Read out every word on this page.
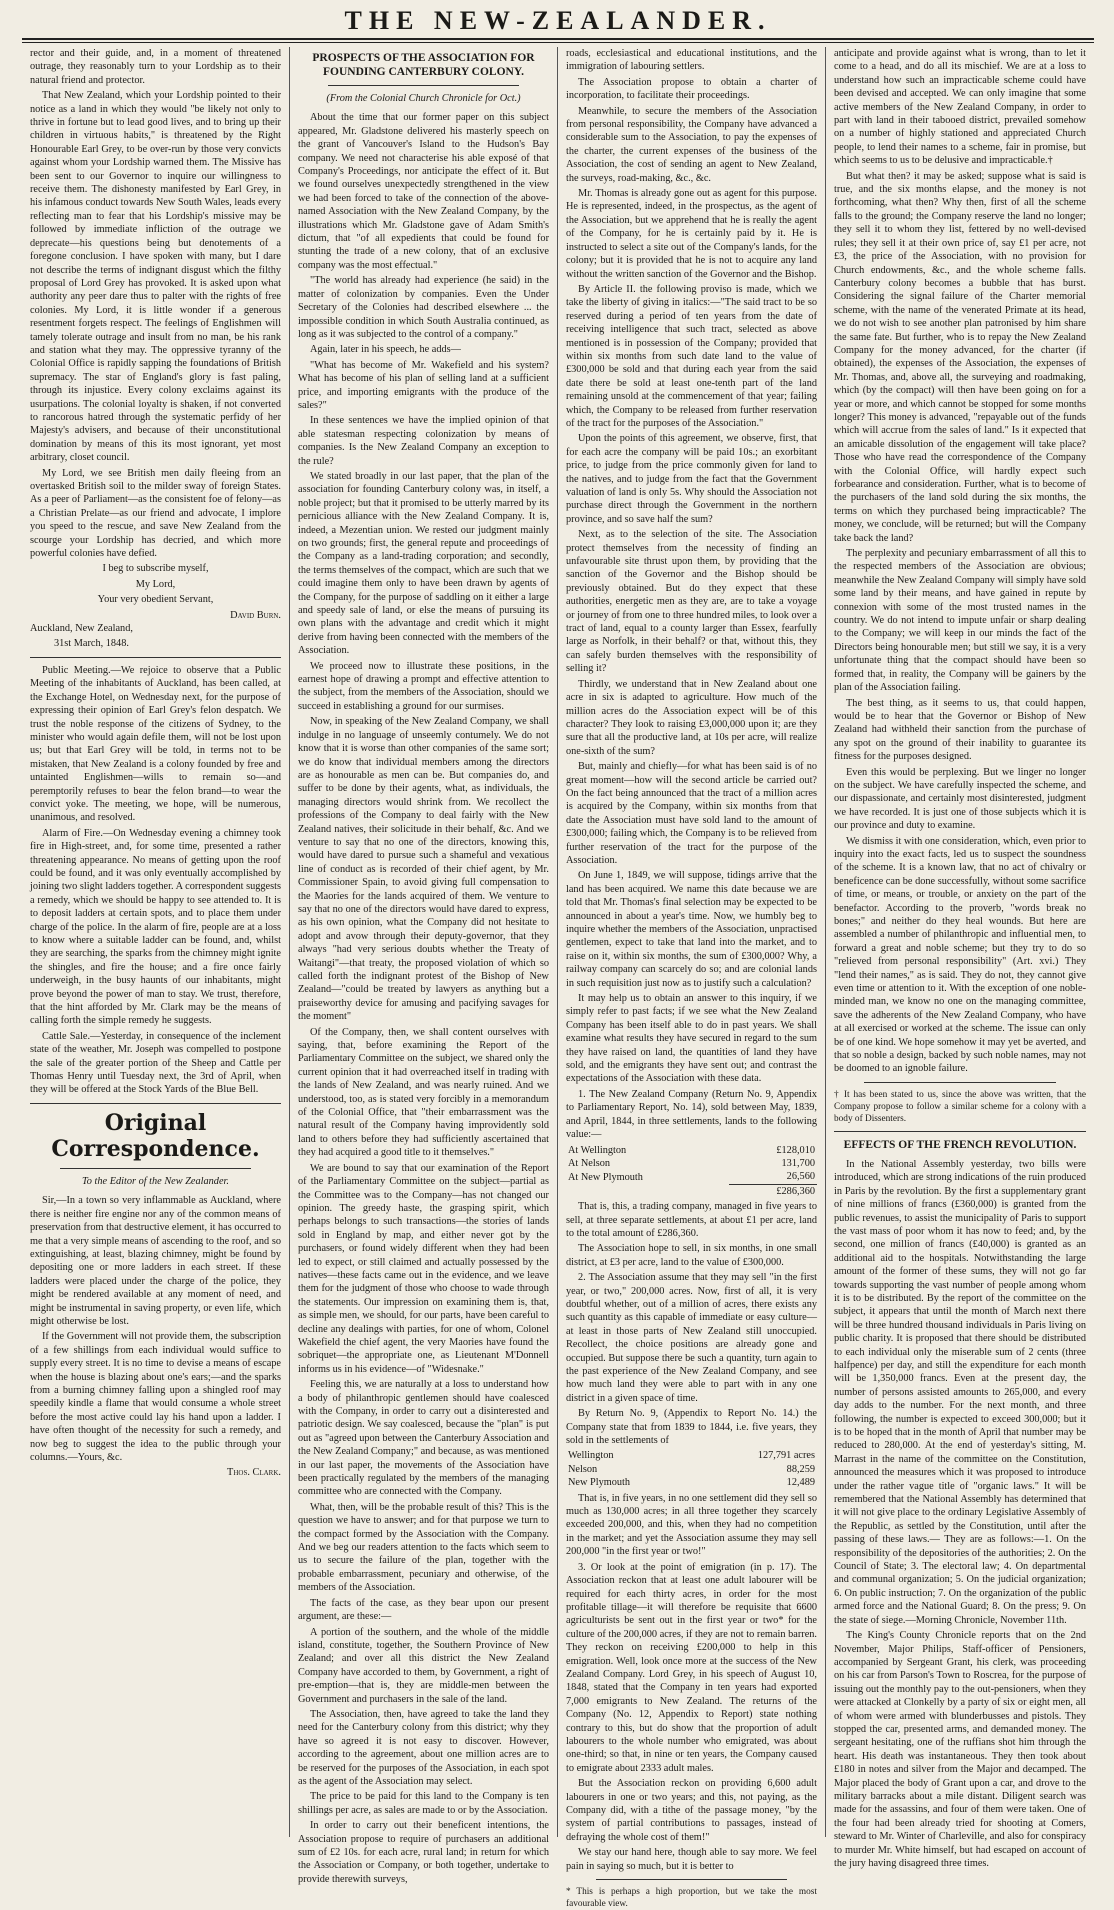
THE NEW-ZEALANDER.

rector and their guide, and, in a moment of threatened outrage, they reasonably turn to your Lordship as to their natural friend and protector.

That New Zealand, which your Lordship pointed to their notice as a land in which they would "be likely not only to thrive in fortune but to lead good lives, and to bring up their children in virtuous habits," is threatened by the Right Honourable Earl Grey, to be over-run by those very convicts against whom your Lordship warned them. The Missive has been sent to our Governor to inquire our willingness to receive them. The dishonesty manifested by Earl Grey, in his infamous conduct towards New South Wales, leads every reflecting man to fear that his Lordship's missive may be followed by immediate infliction of the outrage we deprecate—his questions being but denotements of a foregone conclusion. I have spoken with many, but I dare not describe the terms of indignant disgust which the filthy proposal of Lord Grey has provoked. It is asked upon what authority any peer dare thus to palter with the rights of free colonies. My Lord, it is little wonder if a generous resentment forgets respect. The feelings of Englishmen will tamely tolerate outrage and insult from no man, be his rank and station what they may. The oppressive tyranny of the Colonial Office is rapidly sapping the foundations of British supremacy. The star of England's glory is fast paling, through its injustice. Every colony exclaims against its usurpations. The colonial loyalty is shaken, if not converted to rancorous hatred through the systematic perfidy of her Majesty's advisers, and because of their unconstitutional domination by means of this its most ignorant, yet most arbitrary, closet council.

My Lord, we see British men daily fleeing from an overtasked British soil to the milder sway of foreign States. As a peer of Parliament—as the consistent foe of felony—as a Christian Prelate—as our friend and advocate, I implore you speed to the rescue, and save New Zealand from the scourge your Lordship has decried, and which more powerful colonies have defied.

I beg to subscribe myself,

My Lord,

Your very obedient Servant,

David Burn.

Auckland, New Zealand,

31st March, 1848.

Public Meeting.—We rejoice to observe that a Public Meeting of the inhabitants of Auckland, has been called, at the Exchange Hotel, on Wednesday next, for the purpose of expressing their opinion of Earl Grey's felon despatch. We trust the noble response of the citizens of Sydney, to the minister who would again defile them, will not be lost upon us; but that Earl Grey will be told, in terms not to be mistaken, that New Zealand is a colony founded by free and untainted Englishmen—wills to remain so—and peremptorily refuses to bear the felon brand—to wear the convict yoke. The meeting, we hope, will be numerous, unanimous, and resolved.

Alarm of Fire.—On Wednesday evening a chimney took fire in High-street, and, for some time, presented a rather threatening appearance. No means of getting upon the roof could be found, and it was only eventually accomplished by joining two slight ladders together. A correspondent suggests a remedy, which we should be happy to see attended to. It is to deposit ladders at certain spots, and to place them under charge of the police. In the alarm of fire, people are at a loss to know where a suitable ladder can be found, and, whilst they are searching, the sparks from the chimney might ignite the shingles, and fire the house; and a fire once fairly underweigh, in the busy haunts of our inhabitants, might prove beyond the power of man to stay. We trust, therefore, that the hint afforded by Mr. Clark may be the means of calling forth the simple remedy he suggests.

Cattle Sale.—Yesterday, in consequence of the inclement state of the weather, Mr. Joseph was compelled to postpone the sale of the greater portion of the Sheep and Cattle per Thomas Henry until Tuesday next, the 3rd of April, when they will be offered at the Stock Yards of the Blue Bell.

Original Correspondence.

To the Editor of the New Zealander.

Sir,—In a town so very inflammable as Auckland, where there is neither fire engine nor any of the common means of preservation from that destructive element, it has occurred to me that a very simple means of ascending to the roof, and so extinguishing, at least, blazing chimney, might be found by depositing one or more ladders in each street. If these ladders were placed under the charge of the police, they might be rendered available at any moment of need, and might be instrumental in saving property, or even life, which might otherwise be lost.

If the Government will not provide them, the subscription of a few shillings from each individual would suffice to supply every street. It is no time to devise a means of escape when the house is blazing about one's ears;—and the sparks from a burning chimney falling upon a shingled roof may speedily kindle a flame that would consume a whole street before the most active could lay his hand upon a ladder. I have often thought of the necessity for such a remedy, and now beg to suggest the idea to the public through your columns.—Yours, &c.

Thos. Clark.

PROSPECTS OF THE ASSOCIATION FOR FOUNDING CANTERBURY COLONY.

(From the Colonial Church Chronicle for Oct.)

About the time that our former paper on this subject appeared, Mr. Gladstone delivered his masterly speech on the grant of Vancouver's Island to the Hudson's Bay company. We need not characterise his able exposé of that Company's Proceedings, nor anticipate the effect of it. But we found ourselves unexpectedly strengthened in the view we had been forced to take of the connection of the above-named Association with the New Zealand Company, by the illustrations which Mr. Gladstone gave of Adam Smith's dictum, that "of all expedients that could be found for stunting the trade of a new colony, that of an exclusive company was the most effectual."

"The world has already had experience (he said) in the matter of colonization by companies. Even the Under Secretary of the Colonies had described elsewhere ... the impossible condition in which South Australia continued, as long as it was subjected to the control of a company."

Again, later in his speech, he adds—

"What has become of Mr. Wakefield and his system? What has become of his plan of selling land at a sufficient price, and importing emigrants with the produce of the sales?"

In these sentences we have the implied opinion of that able statesman respecting colonization by means of companies. Is the New Zealand Company an exception to the rule?

We stated broadly in our last paper, that the plan of the association for founding Canterbury colony was, in itself, a noble project; but that it promised to be utterly marred by its pernicious alliance with the New Zealand Company. It is, indeed, a Mezentian union. We rested our judgment mainly on two grounds; first, the general repute and proceedings of the Company as a land-trading corporation; and secondly, the terms themselves of the compact, which are such that we could imagine them only to have been drawn by agents of the Company, for the purpose of saddling on it either a large and speedy sale of land, or else the means of pursuing its own plans with the advantage and credit which it might derive from having been connected with the members of the Association.

We proceed now to illustrate these positions, in the earnest hope of drawing a prompt and effective attention to the subject, from the members of the Association, should we succeed in establishing a ground for our surmises.

Now, in speaking of the New Zealand Company, we shall indulge in no language of unseemly contumely. We do not know that it is worse than other companies of the same sort; we do know that individual members among the directors are as honourable as men can be. But companies do, and suffer to be done by their agents, what, as individuals, the managing directors would shrink from. We recollect the professions of the Company to deal fairly with the New Zealand natives, their solicitude in their behalf, &c. And we venture to say that no one of the directors, knowing this, would have dared to pursue such a shameful and vexatious line of conduct as is recorded of their chief agent, by Mr. Commissioner Spain, to avoid giving full compensation to the Maories for the lands acquired of them. We venture to say that no one of the directors would have dared to express, as his own opinion, what the Company did not hesitate to adopt and avow through their deputy-governor, that they always "had very serious doubts whether the Treaty of Waitangi"—that treaty, the proposed violation of which so called forth the indignant protest of the Bishop of New Zealand—"could be treated by lawyers as anything but a praiseworthy device for amusing and pacifying savages for the moment"

Of the Company, then, we shall content ourselves with saying, that, before examining the Report of the Parliamentary Committee on the subject, we shared only the current opinion that it had overreached itself in trading with the lands of New Zealand, and was nearly ruined. And we understood, too, as is stated very forcibly in a memorandum of the Colonial Office, that "their embarrassment was the natural result of the Company having improvidently sold land to others before they had sufficiently ascertained that they had acquired a good title to it themselves."

We are bound to say that our examination of the Report of the Parliamentary Committee on the subject—partial as the Committee was to the Company—has not changed our opinion. The greedy haste, the grasping spirit, which perhaps belongs to such transactions—the stories of lands sold in England by map, and either never got by the purchasers, or found widely different when they had been led to expect, or still claimed and actually possessed by the natives—these facts came out in the evidence, and we leave them for the judgment of those who choose to wade through the statements. Our impression on examining them is, that, as simple men, we should, for our parts, have been careful to decline any dealings with parties, for one of whom, Colonel Wakefield the chief agent, the very Maories have found the sobriquet—the appropriate one, as Lieutenant M'Donnell informs us in his evidence—of "Widesnake."

Feeling this, we are naturally at a loss to understand how a body of philanthropic gentlemen should have coalesced with the Company, in order to carry out a disinterested and patriotic design. We say coalesced, because the "plan" is put out as "agreed upon between the Canterbury Association and the New Zealand Company;" and because, as was mentioned in our last paper, the movements of the Association have been practically regulated by the members of the managing committee who are connected with the Company.

What, then, will be the probable result of this? This is the question we have to answer; and for that purpose we turn to the compact formed by the Association with the Company. And we beg our readers attention to the facts which seem to us to secure the failure of the plan, together with the probable embarrassment, pecuniary and otherwise, of the members of the Association.

The facts of the case, as they bear upon our present argument, are these:—

A portion of the southern, and the whole of the middle island, constitute, together, the Southern Province of New Zealand; and over all this district the New Zealand Company have accorded to them, by Government, a right of pre-emption—that is, they are middle-men between the Government and purchasers in the sale of the land.

The Association, then, have agreed to take the land they need for the Canterbury colony from this district; why they have so agreed it is not easy to discover. However, according to the agreement, about one million acres are to be reserved for the purposes of the Association, in each spot as the agent of the Association may select.

The price to be paid for this land to the Company is ten shillings per acre, as sales are made to or by the Association.

In order to carry out their beneficent intentions, the Association propose to require of purchasers an additional sum of £2 10s. for each acre, rural land; in return for which the Association or Company, or both together, undertake to provide therewith surveys,

roads, ecclesiastical and educational institutions, and the immigration of labouring settlers.

The Association propose to obtain a charter of incorporation, to facilitate their proceedings.

Meanwhile, to secure the members of the Association from personal responsibility, the Company have advanced a considerable sum to the Association, to pay the expenses of the charter, the current expenses of the business of the Association, the cost of sending an agent to New Zealand, the surveys, road-making, &c., &c.

Mr. Thomas is already gone out as agent for this purpose. He is represented, indeed, in the prospectus, as the agent of the Association, but we apprehend that he is really the agent of the Company, for he is certainly paid by it. He is instructed to select a site out of the Company's lands, for the colony; but it is provided that he is not to acquire any land without the written sanction of the Governor and the Bishop.

By Article II. the following proviso is made, which we take the liberty of giving in italics:—"The said tract to be so reserved during a period of ten years from the date of receiving intelligence that such tract, selected as above mentioned is in possession of the Company; provided that within six months from such date land to the value of £300,000 be sold and that during each year from the said date there be sold at least one-tenth part of the land remaining unsold at the commencement of that year; failing which, the Company to be released from further reservation of the tract for the purposes of the Association."

Upon the points of this agreement, we observe, first, that for each acre the company will be paid 10s.; an exorbitant price, to judge from the price commonly given for land to the natives, and to judge from the fact that the Government valuation of land is only 5s. Why should the Association not purchase direct through the Government in the northern province, and so save half the sum?

Next, as to the selection of the site. The Association protect themselves from the necessity of finding an unfavourable site thrust upon them, by providing that the sanction of the Governor and the Bishop should be previously obtained. But do they expect that these authorities, energetic men as they are, are to take a voyage or journey of from one to three hundred miles, to look over a tract of land, equal to a county larger than Essex, fearfully large as Norfolk, in their behalf? or that, without this, they can safely burden themselves with the responsibility of selling it?

Thirdly, we understand that in New Zealand about one acre in six is adapted to agriculture. How much of the million acres do the Association expect will be of this character? They look to raising £3,000,000 upon it; are they sure that all the productive land, at 10s per acre, will realize one-sixth of the sum?

But, mainly and chiefly—for what has been said is of no great moment—how will the second article be carried out? On the fact being announced that the tract of a million acres is acquired by the Company, within six months from that date the Association must have sold land to the amount of £300,000; failing which, the Company is to be relieved from further reservation of the tract for the purpose of the Association.

On June 1, 1849, we will suppose, tidings arrive that the land has been acquired. We name this date because we are told that Mr. Thomas's final selection may be expected to be announced in about a year's time. Now, we humbly beg to inquire whether the members of the Association, unpractised gentlemen, expect to take that land into the market, and to raise on it, within six months, the sum of £300,000? Why, a railway company can scarcely do so; and are colonial lands in such requisition just now as to justify such a calculation?

It may help us to obtain an answer to this inquiry, if we simply refer to past facts; if we see what the New Zealand Company has been itself able to do in past years. We shall examine what results they have secured in regard to the sum they have raised on land, the quantities of land they have sold, and the emigrants they have sent out; and contrast the expectations of the Association with these data.

1. The New Zealand Company (Return No. 9, Appendix to Parliamentary Report, No. 14), sold between May, 1839, and April, 1844, in three settlements, lands to the following value:—

At Wellington	£128,010
At Nelson	131,700
At New Plymouth	26,560
	£286,360

That is, this, a trading company, managed in five years to sell, at three separate settlements, at about £1 per acre, land to the total amount of £286,360.

The Association hope to sell, in six months, in one small district, at £3 per acre, land to the value of £300,000.

2. The Association assume that they may sell "in the first year, or two," 200,000 acres. Now, first of all, it is very doubtful whether, out of a million of acres, there exists any such quantity as this capable of immediate or easy culture—at least in those parts of New Zealand still unoccupied. Recollect, the choice positions are already gone and occupied. But suppose there be such a quantity, turn again to the past experience of the New Zealand Company, and see how much land they were able to part with in any one district in a given space of time.

By Return No. 9, (Appendix to Report No. 14.) the Company state that from 1839 to 1844, i.e. five years, they sold in the settlements of

Wellington	127,791 acres
Nelson	88,259
New Plymouth	12,489

That is, in five years, in no one settlement did they sell so much as 130,000 acres; in all three together they scarcely exceeded 200,000, and this, when they had no competition in the market; and yet the Association assume they may sell 200,000 "in the first year or two!"

3. Or look at the point of emigration (in p. 17). The Association reckon that at least one adult labourer will be required for each thirty acres, in order for the most profitable tillage—it will therefore be requisite that 6600 agriculturists be sent out in the first year or two* for the culture of the 200,000 acres, if they are not to remain barren. They reckon on receiving £200,000 to help in this emigration. Well, look once more at the success of the New Zealand Company. Lord Grey, in his speech of August 10, 1848, stated that the Company in ten years had exported 7,000 emigrants to New Zealand. The returns of the Company (No. 12, Appendix to Report) state nothing contrary to this, but do show that the proportion of adult labourers to the whole number who emigrated, was about one-third; so that, in nine or ten years, the Company caused to emigrate about 2333 adult males.

But the Association reckon on providing 6,600 adult labourers in one or two years; and this, not paying, as the Company did, with a tithe of the passage money, "by the system of partial contributions to passages, instead of defraying the whole cost of them!"

We stay our hand here, though able to say more. We feel pain in saying so much, but it is better to

* This is perhaps a high proportion, but we take the most favourable view.

anticipate and provide against what is wrong, than to let it come to a head, and do all its mischief. We are at a loss to understand how such an impracticable scheme could have been devised and accepted. We can only imagine that some active members of the New Zealand Company, in order to part with land in their tabooed district, prevailed somehow on a number of highly stationed and appreciated Church people, to lend their names to a scheme, fair in promise, but which seems to us to be delusive and impracticable.†

But what then? it may be asked; suppose what is said is true, and the six months elapse, and the money is not forthcoming, what then? Why then, first of all the scheme falls to the ground; the Company reserve the land no longer; they sell it to whom they list, fettered by no well-devised rules; they sell it at their own price of, say £1 per acre, not £3, the price of the Association, with no provision for Church endowments, &c., and the whole scheme falls. Canterbury colony becomes a bubble that has burst. Considering the signal failure of the Charter memorial scheme, with the name of the venerated Primate at its head, we do not wish to see another plan patronised by him share the same fate. But further, who is to repay the New Zealand Company for the money advanced, for the charter (if obtained), the expenses of the Association, the expenses of Mr. Thomas, and, above all, the surveying and roadmaking, which (by the compact) will then have been going on for a year or more, and which cannot be stopped for some months longer? This money is advanced, "repayable out of the funds which will accrue from the sales of land." Is it expected that an amicable dissolution of the engagement will take place? Those who have read the correspondence of the Company with the Colonial Office, will hardly expect such forbearance and consideration. Further, what is to become of the purchasers of the land sold during the six months, the terms on which they purchased being impracticable? The money, we conclude, will be returned; but will the Company take back the land?

The perplexity and pecuniary embarrassment of all this to the respected members of the Association are obvious; meanwhile the New Zealand Company will simply have sold some land by their means, and have gained in repute by connexion with some of the most trusted names in the country. We do not intend to impute unfair or sharp dealing to the Company; we will keep in our minds the fact of the Directors being honourable men; but still we say, it is a very unfortunate thing that the compact should have been so formed that, in reality, the Company will be gainers by the plan of the Association failing.

The best thing, as it seems to us, that could happen, would be to hear that the Governor or Bishop of New Zealand had withheld their sanction from the purchase of any spot on the ground of their inability to guarantee its fitness for the purposes designed.

Even this would be perplexing. But we linger no longer on the subject. We have carefully inspected the scheme, and our dispassionate, and certainly most disinterested, judgment we have recorded. It is just one of those subjects which it is our province and duty to examine.

We dismiss it with one consideration, which, even prior to inquiry into the exact facts, led us to suspect the soundness of the scheme. It is a known law, that no act of chivalry or beneficence can be done successfully, without some sacrifice of time, or means, or trouble, or anxiety on the part of the benefactor. According to the proverb, "words break no bones;" and neither do they heal wounds. But here are assembled a number of philanthropic and influential men, to forward a great and noble scheme; but they try to do so "relieved from personal responsibility" (Art. xvi.) They "lend their names," as is said. They do not, they cannot give even time or attention to it. With the exception of one noble-minded man, we know no one on the managing committee, save the adherents of the New Zealand Company, who have at all exercised or worked at the scheme. The issue can only be of one kind. We hope somehow it may yet be averted, and that so noble a design, backed by such noble names, may not be doomed to an ignoble failure.

† It has been stated to us, since the above was written, that the Company propose to follow a similar scheme for a colony with a body of Dissenters.

EFFECTS OF THE FRENCH REVOLUTION.

In the National Assembly yesterday, two bills were introduced, which are strong indications of the ruin produced in Paris by the revolution. By the first a supplementary grant of nine millions of francs (£360,000) is granted from the public revenues, to assist the municipality of Paris to support the vast mass of poor whom it has now to feed; and, by the second, one million of francs (£40,000) is granted as an additional aid to the hospitals. Notwithstanding the large amount of the former of these sums, they will not go far towards supporting the vast number of people among whom it is to be distributed. By the report of the committee on the subject, it appears that until the month of March next there will be three hundred thousand individuals in Paris living on public charity. It is proposed that there should be distributed to each individual only the miserable sum of 2 cents (three halfpence) per day, and still the expenditure for each month will be 1,350,000 francs. Even at the present day, the number of persons assisted amounts to 265,000, and every day adds to the number. For the next month, and three following, the number is expected to exceed 300,000; but it is to be hoped that in the month of April that number may be reduced to 280,000. At the end of yesterday's sitting, M. Marrast in the name of the committee on the Constitution, announced the measures which it was proposed to introduce under the rather vague title of "organic laws." It will be remembered that the National Assembly has determined that it will not give place to the ordinary Legislative Assembly of the Republic, as settled by the Constitution, until after the passing of these laws.— They are as follows:—1. On the responsibility of the depositories of the authorities; 2. On the Council of State; 3. The electoral law; 4. On departmental and communal organization; 5. On the judicial organization; 6. On public instruction; 7. On the organization of the public armed force and the National Guard; 8. On the press; 9. On the state of siege.—Morning Chronicle, November 11th.

The King's County Chronicle reports that on the 2nd November, Major Philips, Staff-officer of Pensioners, accompanied by Sergeant Grant, his clerk, was proceeding on his car from Parson's Town to Roscrea, for the purpose of issuing out the monthly pay to the out-pensioners, when they were attacked at Clonkelly by a party of six or eight men, all of whom were armed with blunderbusses and pistols. They stopped the car, presented arms, and demanded money. The sergeant hesitating, one of the ruffians shot him through the heart. His death was instantaneous. They then took about £180 in notes and silver from the Major and decamped. The Major placed the body of Grant upon a car, and drove to the military barracks about a mile distant. Diligent search was made for the assassins, and four of them were taken. One of the four had been already tried for shooting at Comers, steward to Mr. Winter of Charleville, and also for conspiracy to murder Mr. White himself, but had escaped on account of the jury having disagreed three times.
